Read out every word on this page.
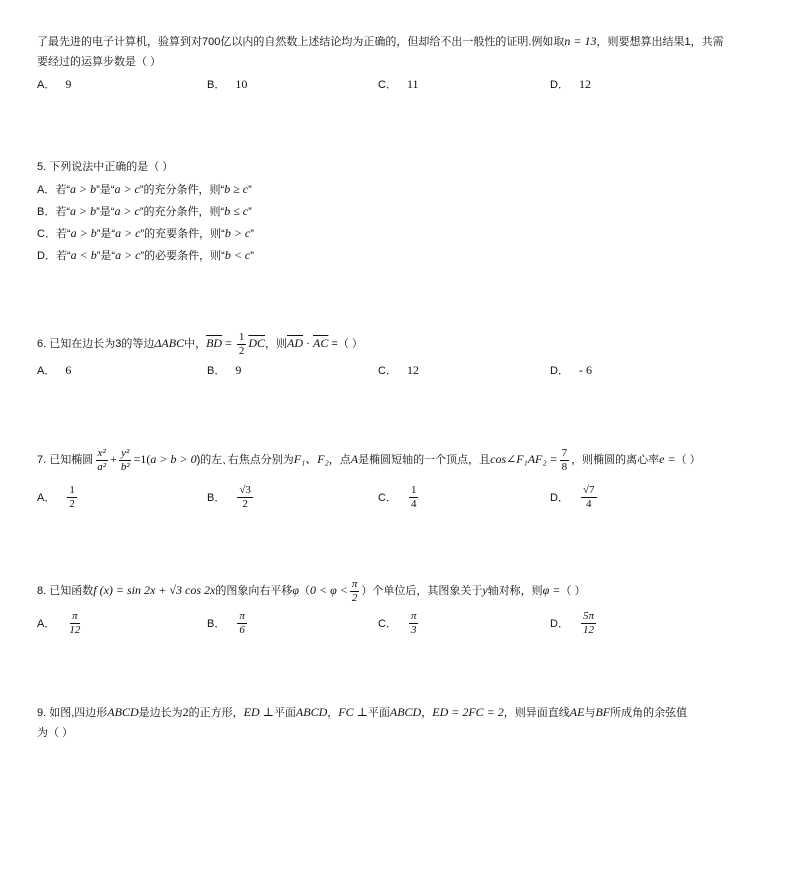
了最先进的电子计算机，验算到对700亿以内的自然数上述结论均为正确的，但却给不出一般性的证明.例如取n = 13，则要想算出结果1，共需
要经过的运算步数是（ ）
A． 9	B． 10	C． 11	D． 12
5. 下列说法中正确的是（ ）
A．若“a > b”是“a > c”的充分条件，则“b ≥ c”
B．若“a > b”是“a > c”的充分条件，则“b ≤ c”
C．若“a > b”是“a > c”的充要条件，则“b > c”
D．若“a < b”是“a > c”的必要条件，则“b < c”
6. 已知在边长为3的等边ΔABC中，$\overline{BD} = \frac{1}{2} \overline{DC}$，则$\overline{AD} \cdot \overline{AC}$ =（ ）
A． 6	B． 9	C． 12	D． - 6
7. 已知椭圆 $\frac{\text{x²}}{\text{a²}} + \frac{\text{y²}}{\text{b²}} =1(a > b > 0)$的左､右焦点分别为F₁、F₂，点A是椭圆短轴的一个顶点，且cos∠F₁AF₂ = $\frac{7}{8}$ ，则椭圆的离心率e =（ ）
A． $\frac{1}{2}$	B． $\frac{√3}{2}$	C． $\frac{1}{4}$	D． $\frac{√7}{4}$
8. 已知函数f (x) = sin 2x + √3 cos 2x的图象向右平移$\varphi(0 < \varphi < \frac{\pi}{2}$ ）个单位后，其图象关于y轴对称，则φ =（ ）
A． $\frac{\pi}{12}$	B． $\frac{\pi}{6}$	C． $\frac{\pi}{3}$	D． $\frac{5\pi}{12}$
9. 如图,四边形ABCD是边长为2的正方形，ED ⊥平面ABCD，FC ⊥平面ABCD，ED = 2FC = 2，则异面直线AE与BF所成角的余弦值
为（ ）
